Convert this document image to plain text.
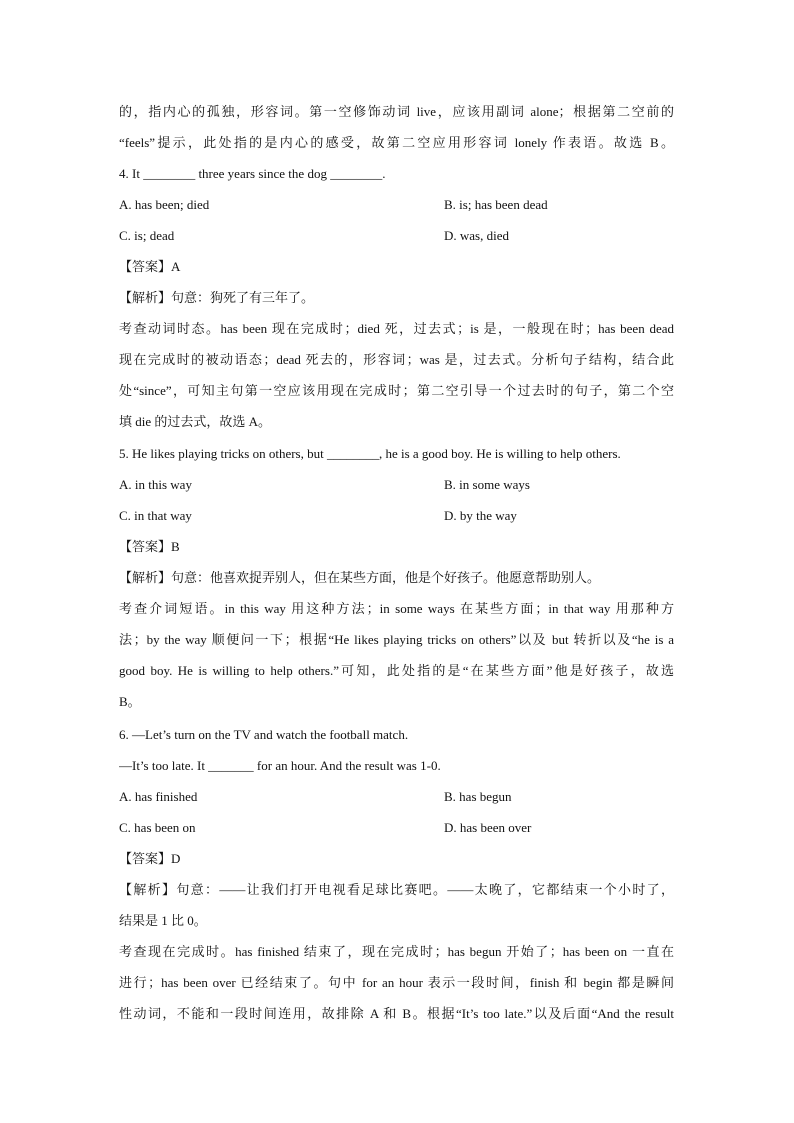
的，指内心的孤独，形容词。第一空修饰动词 live，应该用副词 alone；根据第二空前的
“feels”提示，此处指的是内心的感受，故第二空应用形容词 lonely 作表语。故选 B。
4. It ________ three years since the dog ________.
A. has been; died	B. is; has been dead
C. is; dead	D. was, died
【答案】A
【解析】句意：狗死了有三年了。
考查动词时态。has been 现在完成时；died 死，过去式；is 是，一般现在时；has been dead
现在完成时的被动语态；dead 死去的，形容词；was 是，过去式。分析句子结构，结合此
处“since”，可知主句第一空应该用现在完成时；第二空引导一个过去时的句子，第二个空
填 die 的过去式，故选 A。
5. He likes playing tricks on others, but ________, he is a good boy. He is willing to help others.
A. in this way	B. in some ways
C. in that way	D. by the way
【答案】B
【解析】句意：他喜欢捉弄别人，但在某些方面，他是个好孩子。他愿意帮助别人。
考查介词短语。in this way 用这种方法；in some ways 在某些方面；in that way 用那种方
法；by the way 顺便问一下；根据“He likes playing tricks on others”以及 but 转折以及“he is a
good boy. He is willing to help others.”可知，此处指的是“在某些方面”他是好孩子，故选
B。
6. —Let’s turn on the TV and watch the football match.
—It’s too late. It _______ for an hour. And the result was 1-0.
A. has finished	B. has begun
C. has been on	D. has been over
【答案】D
【解析】句意：——让我们打开电视看足球比赛吧。——太晚了，它都结束一个小时了，
结果是 1 比 0。
考查现在完成时。has finished 结束了，现在完成时；has begun 开始了；has been on 一直在
进行；has been over 已经结束了。句中 for an hour 表示一段时间，finish 和 begin 都是瞬间
性动词，不能和一段时间连用，故排除 A 和 B。根据“It’s too late.”以及后面“And the result
